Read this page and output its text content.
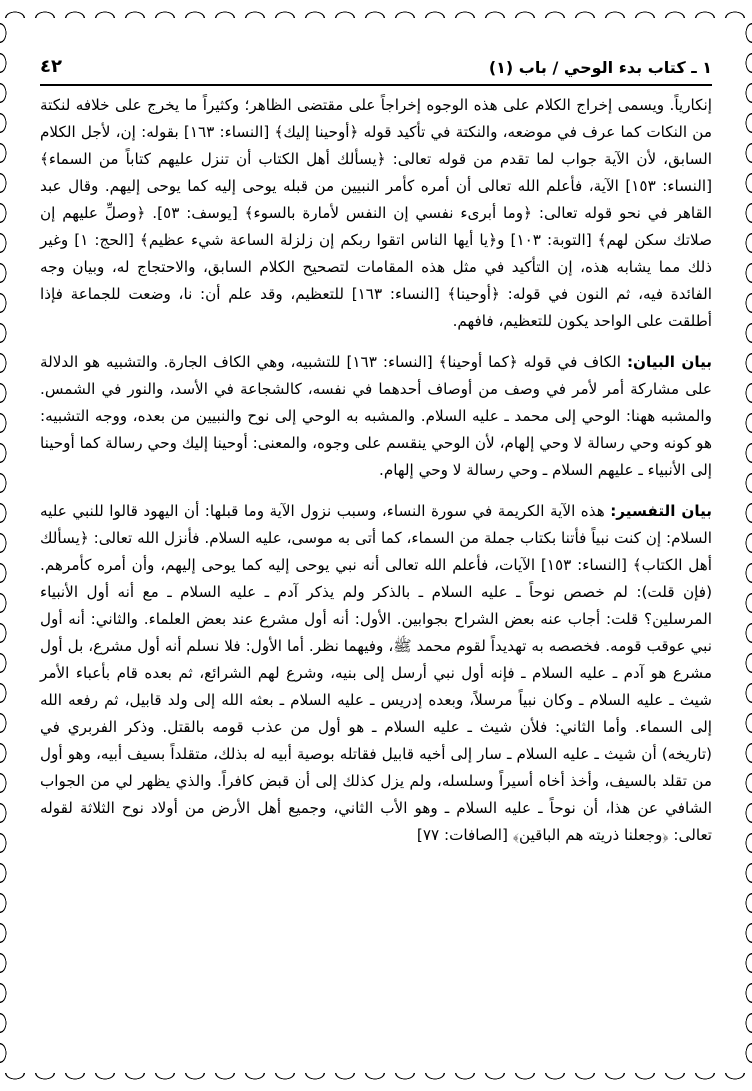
١ ـ كتاب بدء الوحي / باب (١)
٤٢

إنكارياً. ويسمى إخراج الكلام على هذه الوجوه إخراجاً على مقتضى الظاهر؛ وكثيراً ما يخرج على خلافه لنكتة من النكات كما عرف في موضعه، والنكتة في تأكيد قوله ﴿أوحينا إليك﴾ [النساء: ١٦٣] بقوله: إن، لأجل الكلام السابق، لأن الآية جواب لما تقدم من قوله تعالى: ﴿يسألك أهل الكتاب أن تنزل عليهم كتاباً من السماء﴾ [النساء: ١٥٣] الآية، فأعلم الله تعالى أن أمره كأمر النبيين من قبله يوحى إليه كما يوحى إليهم. وقال عبد القاهر في نحو قوله تعالى: ﴿وما أبرىء نفسي إن النفس لأمارة بالسوء﴾ [يوسف: ٥٣]. ﴿وصلِّ عليهم إن صلاتك سكن لهم﴾ [التوبة: ١٠٣] و﴿يا أيها الناس اتقوا ربكم إن زلزلة الساعة شيء عظيم﴾ [الحج: ١] وغير ذلك مما يشابه هذه، إن التأكيد في مثل هذه المقامات لتصحيح الكلام السابق، والاحتجاج له، وبيان وجه الفائدة فيه، ثم النون في قوله: ﴿أوحينا﴾ [النساء: ١٦٣] للتعظيم، وقد علم أن: نا، وضعت للجماعة فإذا أطلقت على الواحد يكون للتعظيم، فافهم.

بيان البيان: الكاف في قوله ﴿كما أوحينا﴾ [النساء: ١٦٣] للتشبيه، وهي الكاف الجارة. والتشبيه هو الدلالة على مشاركة أمر لأمر في وصف من أوصاف أحدهما في نفسه، كالشجاعة في الأسد، والنور في الشمس. والمشبه ههنا: الوحي إلى محمد ـ عليه السلام. والمشبه به الوحي إلى نوح والنبيين من بعده، ووجه التشبيه: هو كونه وحي رسالة لا وحي إلهام، لأن الوحي ينقسم على وجوه، والمعنى: أوحينا إليك وحي رسالة كما أوحينا إلى الأنبياء ـ عليهم السلام ـ وحي رسالة لا وحي إلهام.

بيان التفسير: هذه الآية الكريمة في سورة النساء، وسبب نزول الآية وما قبلها: أن اليهود قالوا للنبي عليه السلام: إن كنت نبياً فأتنا بكتاب جملة من السماء، كما أتى به موسى، عليه السلام. فأنزل الله تعالى: ﴿يسألك أهل الكتاب﴾ [النساء: ١٥٣] الآيات، فأعلم الله تعالى أنه نبي يوحى إليه كما يوحى إليهم، وأن أمره كأمرهم. (فإن قلت): لم خصص نوحاً ـ عليه السلام ـ بالذكر ولم يذكر آدم ـ عليه السلام ـ مع أنه أول الأنبياء المرسلين؟ قلت: أجاب عنه بعض الشراح بجوابين. الأول: أنه أول مشرع عند بعض العلماء. والثاني: أنه أول نبي عوقب قومه. فخصصه به تهديداً لقوم محمد ﷺ، وفيهما نظر. أما الأول: فلا نسلم أنه أول مشرع، بل أول مشرع هو آدم ـ عليه السلام ـ فإنه أول نبي أرسل إلى بنيه، وشرع لهم الشرائع، ثم بعده قام بأعباء الأمر شيث ـ عليه السلام ـ وكان نبياً مرسلاً، وبعده إدريس ـ عليه السلام ـ بعثه الله إلى ولد قابيل، ثم رفعه الله إلى السماء. وأما الثاني: فلأن شيث ـ عليه السلام ـ هو أول من عذب قومه بالقتل. وذكر الفربري في (تاريخه) أن شيث ـ عليه السلام ـ سار إلى أخيه قابيل فقاتله بوصية أبيه له بذلك، متقلداً بسيف أبيه، وهو أول من تقلد بالسيف، وأخذ أخاه أسيراً وسلسله، ولم يزل كذلك إلى أن قبض كافراً. والذي يظهر لي من الجواب الشافي عن هذا، أن نوحاً ـ عليه السلام ـ وهو الأب الثاني، وجميع أهل الأرض من أولاد نوح الثلاثة لقوله تعالى: ﴿وجعلنا ذريته هم الباقين﴾ [الصافات: ٧٧]
